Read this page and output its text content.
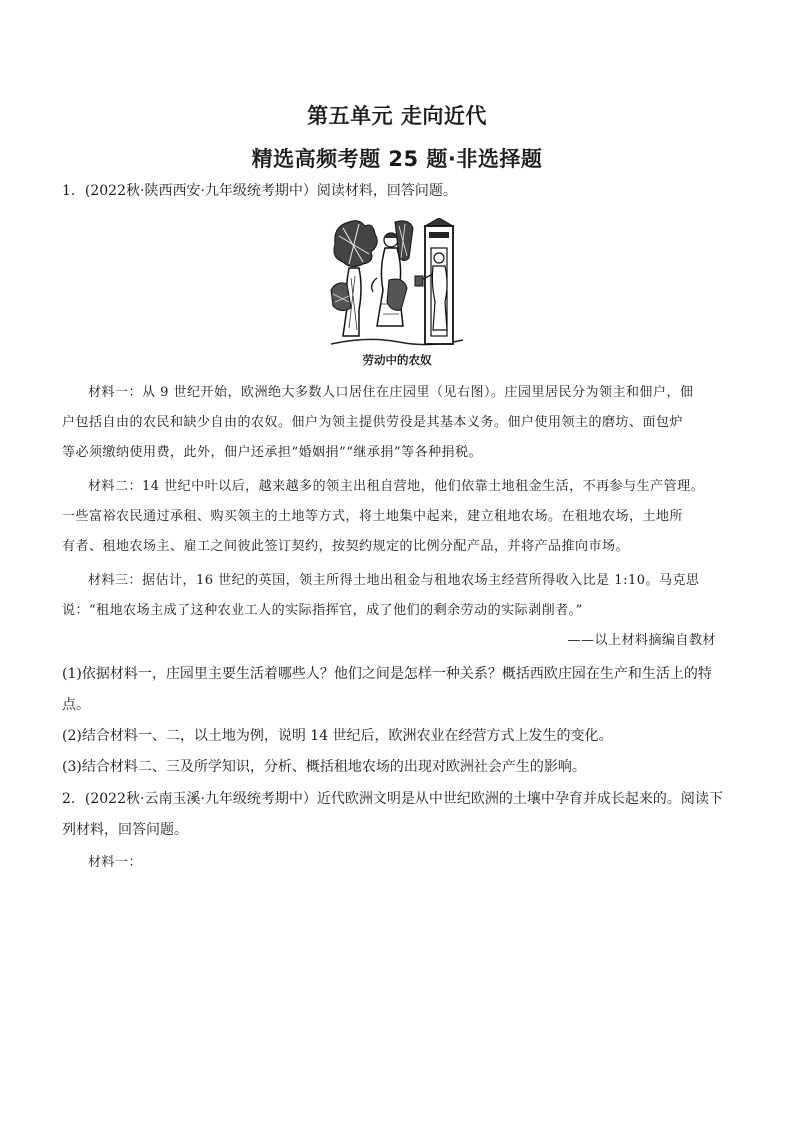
第五单元 走向近代
精选高频考题 25 题·非选择题

1．(2022秋·陕西西安·九年级统考期中）阅读材料，回答问题。

劳动中的农奴

材料一：从 9 世纪开始，欧洲绝大多数人口居住在庄园里（见右图）。庄园里居民分为领主和佃户，佃

户包括自由的农民和缺少自由的农奴。佃户为领主提供劳役是其基本义务。佃户使用领主的磨坊、面包炉

等必须缴纳使用费，此外，佃户还承担“婚姻捐”“继承捐”等各种捐税。

材料二：14 世纪中叶以后，越来越多的领主出租自营地，他们依靠土地租金生活，不再参与生产管理。

一些富裕农民通过承租、购买领主的土地等方式，将土地集中起来，建立租地农场。在租地农场，土地所

有者、租地农场主、雇工之间彼此签订契约，按契约规定的比例分配产品，并将产品推向市场。

材料三：据估计，16 世纪的英国，领主所得土地出租金与租地农场主经营所得收入比是 1:10。马克思

说：“租地农场主成了这种农业工人的实际指挥官，成了他们的剩余劳动的实际剥削者。”

——以上材料摘编自教材

(1)依据材料一，庄园里主要生活着哪些人？他们之间是怎样一种关系？概括西欧庄园在生产和生活上的特

点。

(2)结合材料一、二，以土地为例，说明 14 世纪后，欧洲农业在经营方式上发生的变化。

(3)结合材料二、三及所学知识，分析、概括租地农场的出现对欧洲社会产生的影响。

2．(2022秋·云南玉溪·九年级统考期中）近代欧洲文明是从中世纪欧洲的土壤中孕育并成长起来的。阅读下

列材料，回答问题。

材料一：
